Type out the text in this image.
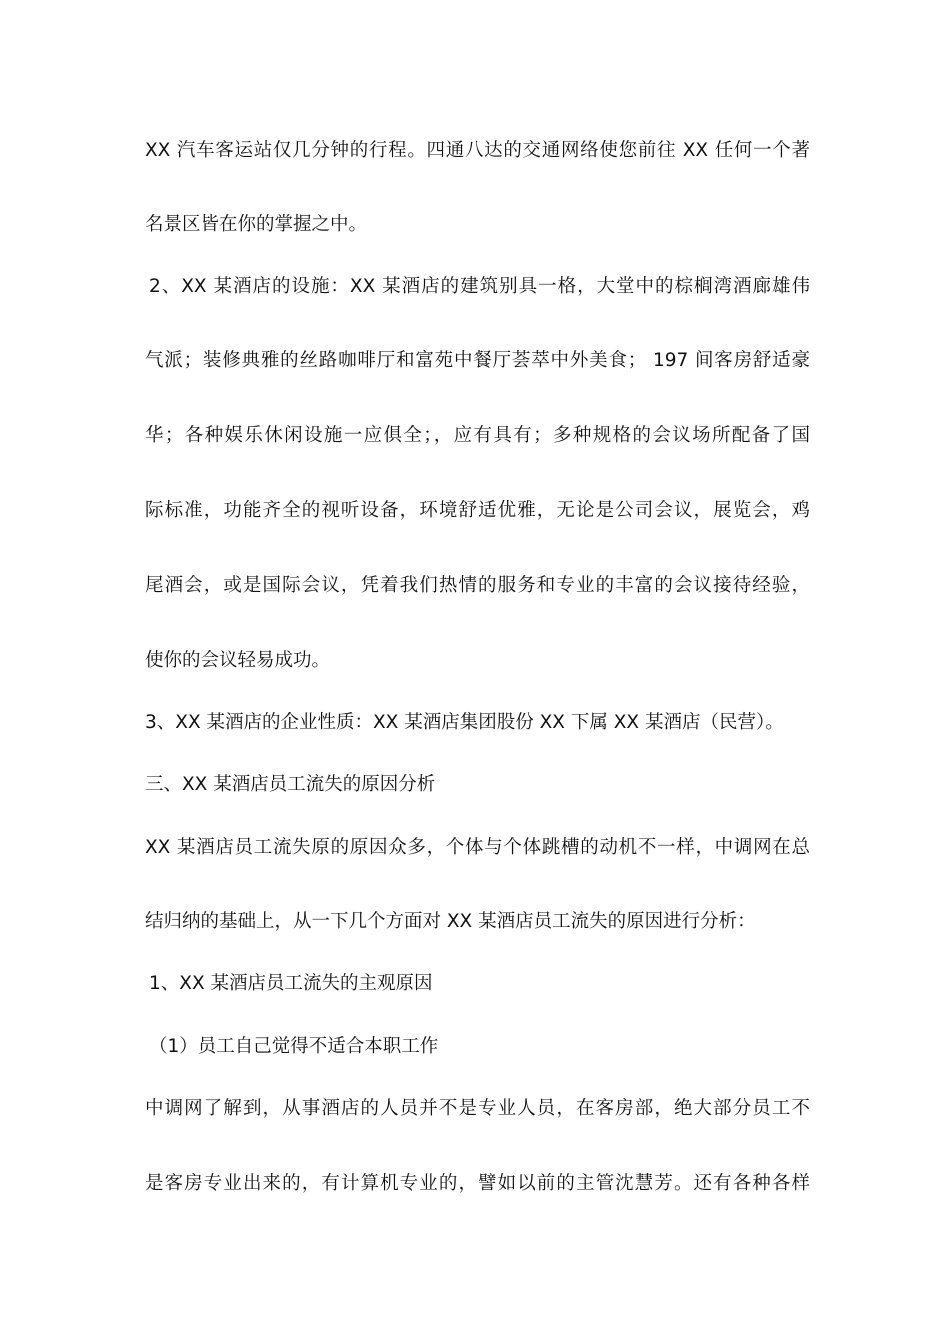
XX 汽车客运站仅几分钟的行程。四通八达的交通网络使您前往 XX 任何一个著
名景区皆在你的掌握之中。
2、XX 某酒店的设施：XX 某酒店的建筑别具一格，大堂中的棕榈湾酒廊雄伟
气派；装修典雅的丝路咖啡厅和富苑中餐厅荟萃中外美食； 197 间客房舒适豪
华；各种娱乐休闲设施一应俱全；，应有具有；多种规格的会议场所配备了国
际标准，功能齐全的视听设备，环境舒适优雅，无论是公司会议，展览会，鸡
尾酒会，或是国际会议，凭着我们热情的服务和专业的丰富的会议接待经验，
使你的会议轻易成功。
3、XX 某酒店的企业性质：XX 某酒店集团股份 XX 下属 XX 某酒店（民营）。
三、XX 某酒店员工流失的原因分析
XX 某酒店员工流失原的原因众多，个体与个体跳槽的动机不一样，中调网在总
结归纳的基础上，从一下几个方面对 XX 某酒店员工流失的原因进行分析：
1、XX 某酒店员工流失的主观原因
（1）员工自己觉得不适合本职工作
中调网了解到，从事酒店的人员并不是专业人员，在客房部，绝大部分员工不
是客房专业出来的，有计算机专业的，譬如以前的主管沈慧芳。还有各种各样
